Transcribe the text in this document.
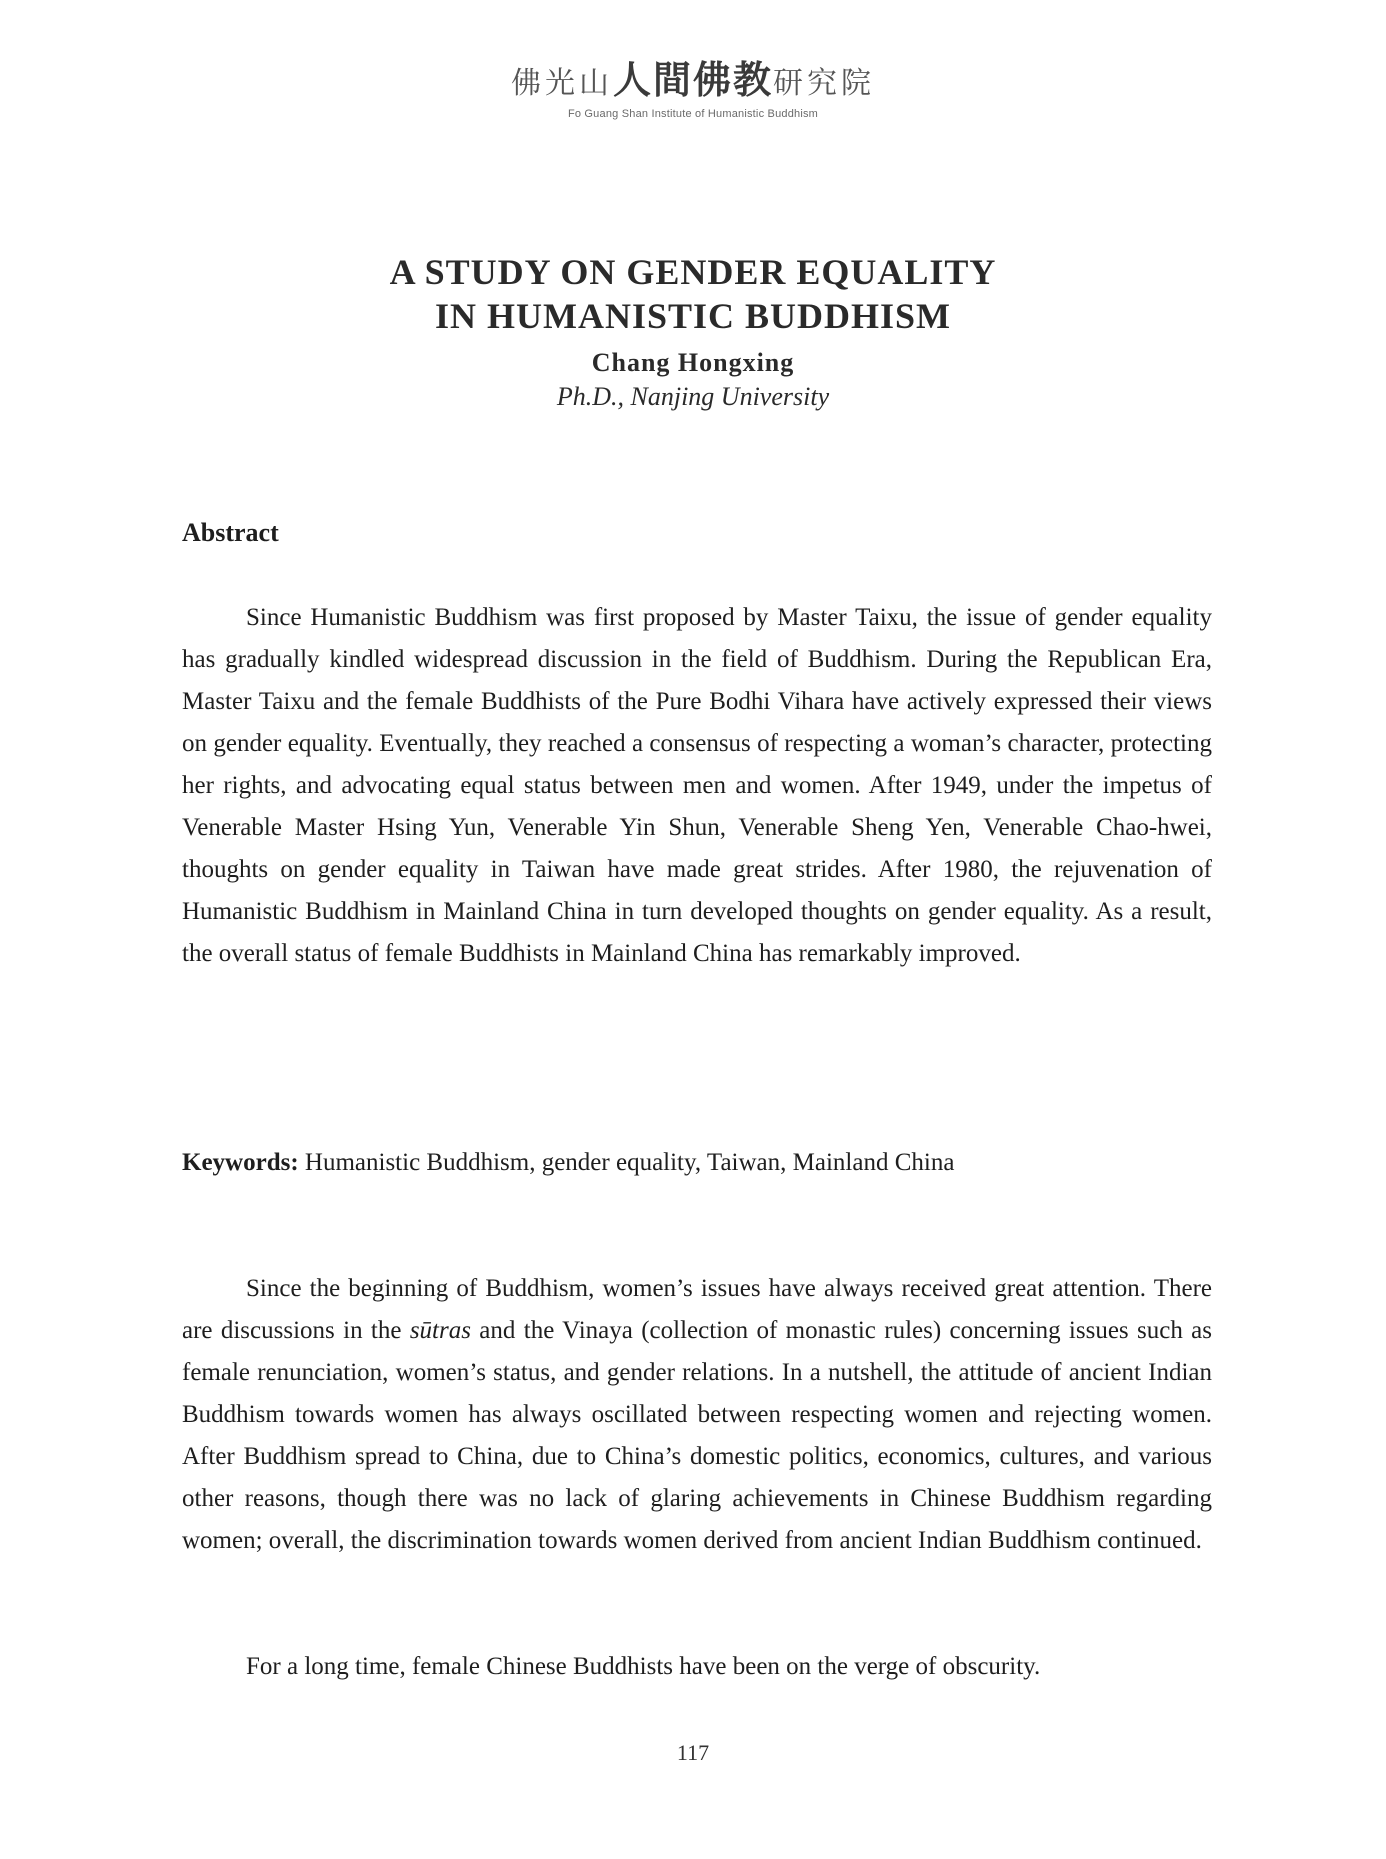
佛光山人間佛教研究院
Fo Guang Shan Institute of Humanistic Buddhism
A STUDY ON GENDER EQUALITY
IN HUMANISTIC BUDDHISM
Chang Hongxing
Ph.D., Nanjing University
Abstract

Since Humanistic Buddhism was first proposed by Master Taixu, the issue of gender equality has gradually kindled widespread discussion in the field of Buddhism. During the Republican Era, Master Taixu and the female Buddhists of the Pure Bodhi Vihara have actively expressed their views on gender equality. Eventually, they reached a consensus of respecting a woman’s character, protecting her rights, and advocating equal status between men and women. After 1949, under the impetus of Venerable Master Hsing Yun, Venerable Yin Shun, Venerable Sheng Yen, Venerable Chao-hwei, thoughts on gender equality in Taiwan have made great strides. After 1980, the rejuvenation of Humanistic Buddhism in Mainland China in turn developed thoughts on gender equality. As a result, the overall status of female Buddhists in Mainland China has remarkably improved.

Keywords: Humanistic Buddhism, gender equality, Taiwan, Mainland China

Since the beginning of Buddhism, women’s issues have always received great attention. There are discussions in the sūtras and the Vinaya (collection of monastic rules) concerning issues such as female renunciation, women’s status, and gender relations. In a nutshell, the attitude of ancient Indian Buddhism towards women has always oscillated between respecting women and rejecting women. After Buddhism spread to China, due to China’s domestic politics, economics, cultures, and various other reasons, though there was no lack of glaring achievements in Chinese Buddhism regarding women; overall, the discrimination towards women derived from ancient Indian Buddhism continued.

For a long time, female Chinese Buddhists have been on the verge of obscurity.

117
